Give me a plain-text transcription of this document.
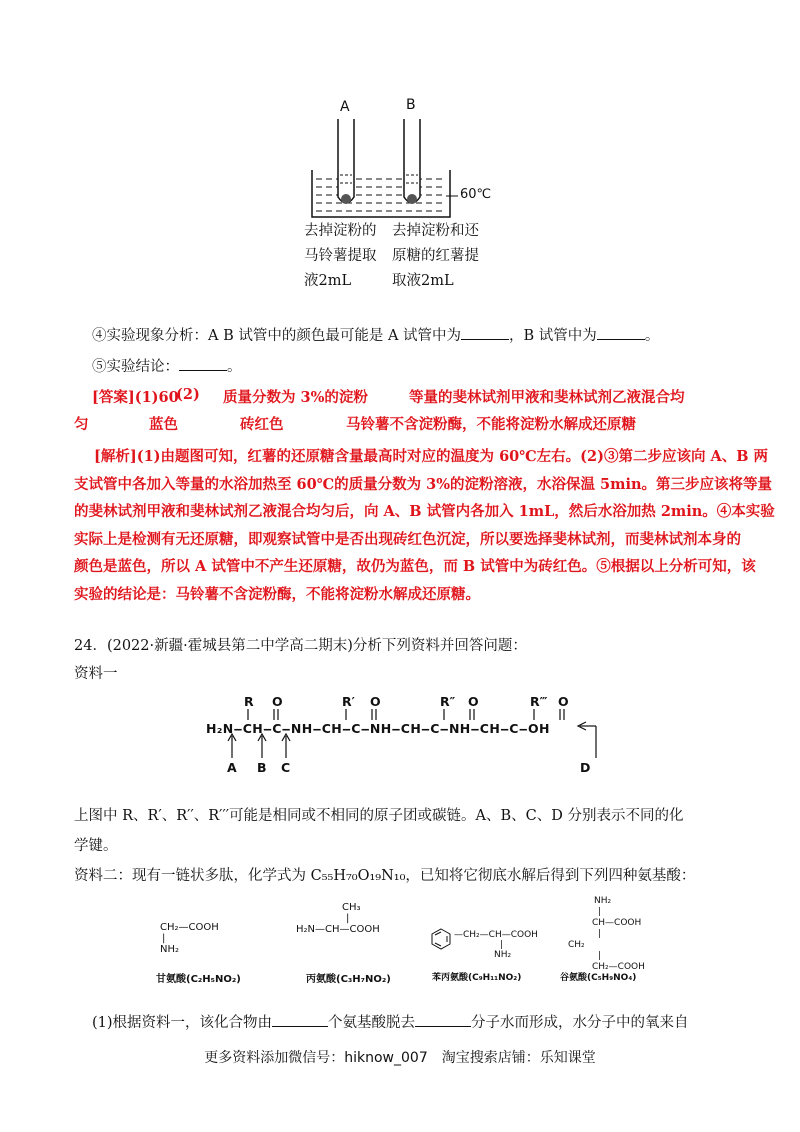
A	B
60℃
去掉淀粉的
马铃薯提取
液2mL
去掉淀粉和还
原糖的红薯提
取液2mL
④实验现象分析：A B 试管中的颜色最可能是 A 试管中为	，B 试管中为	。
⑤实验结论：	。
[答案](1)60
(2) 质量分数为 3%的淀粉	等量的斐林试剂甲液和斐林试剂乙液混合均
匀	蓝色	砖红色	马铃薯不含淀粉酶，不能将淀粉水解成还原糖
[解析](1)由题图可知，红薯的还原糖含量最高时对应的温度为 60℃左右。(2)③第二步应该向 A、B 两
支试管中各加入等量的水浴加热至 60℃的质量分数为 3%的淀粉溶液，水浴保温 5min。第三步应该将等量
的斐林试剂甲液和斐林试剂乙液混合均匀后，向 A、B 试管内各加入 1mL，然后水浴加热 2min。④本实验
实际上是检测有无还原糖，即观察试管中是否出现砖红色沉淀，所以要选择斐林试剂，而斐林试剂本身的
颜色是蓝色，所以 A 试管中不产生还原糖，故仍为蓝色，而 B 试管中为砖红色。⑤根据以上分析可知，该
实验的结论是：马铃薯不含淀粉酶，不能将淀粉水解成还原糖。
24．(2022·新疆·霍城县第二中学高二期末)分析下列资料并回答问题：
资料一
R O	R′ O	R″ O	R‴ O
H₂N‒CH‒C‒NH‒CH‒C‒NH‒CH‒C‒NH‒CH‒C‒OH
A B C	D
上图中 R、R′、R′′、R′′′可能是相同或不相同的原子团或碳链。A、B、C、D 分别表示不同的化
学键。
资料二：现有一链状多肽，化学式为 C₅₅H₇₀O₁₉N₁₀，已知将它彻底水解后得到下列四种氨基酸：
CH₂—COOH
|
NH₂
甘氨酸(C₂H₅NO₂)
CH₃
|
H₂N—CH—COOH
丙氨酸(C₃H₇NO₂)
—CH₂—CH—COOH
|
NH₂
苯丙氨酸(C₉H₁₁NO₂)
NH₂
|
CH—COOH
|
CH₂
|
CH₂—COOH
谷氨酸(C₅H₉NO₄)
(1)根据资料一，该化合物由	个氨基酸脱去	分子水而形成，水分子中的氧来自
更多资料添加微信号：hiknow_007　淘宝搜索店铺：乐知课堂
